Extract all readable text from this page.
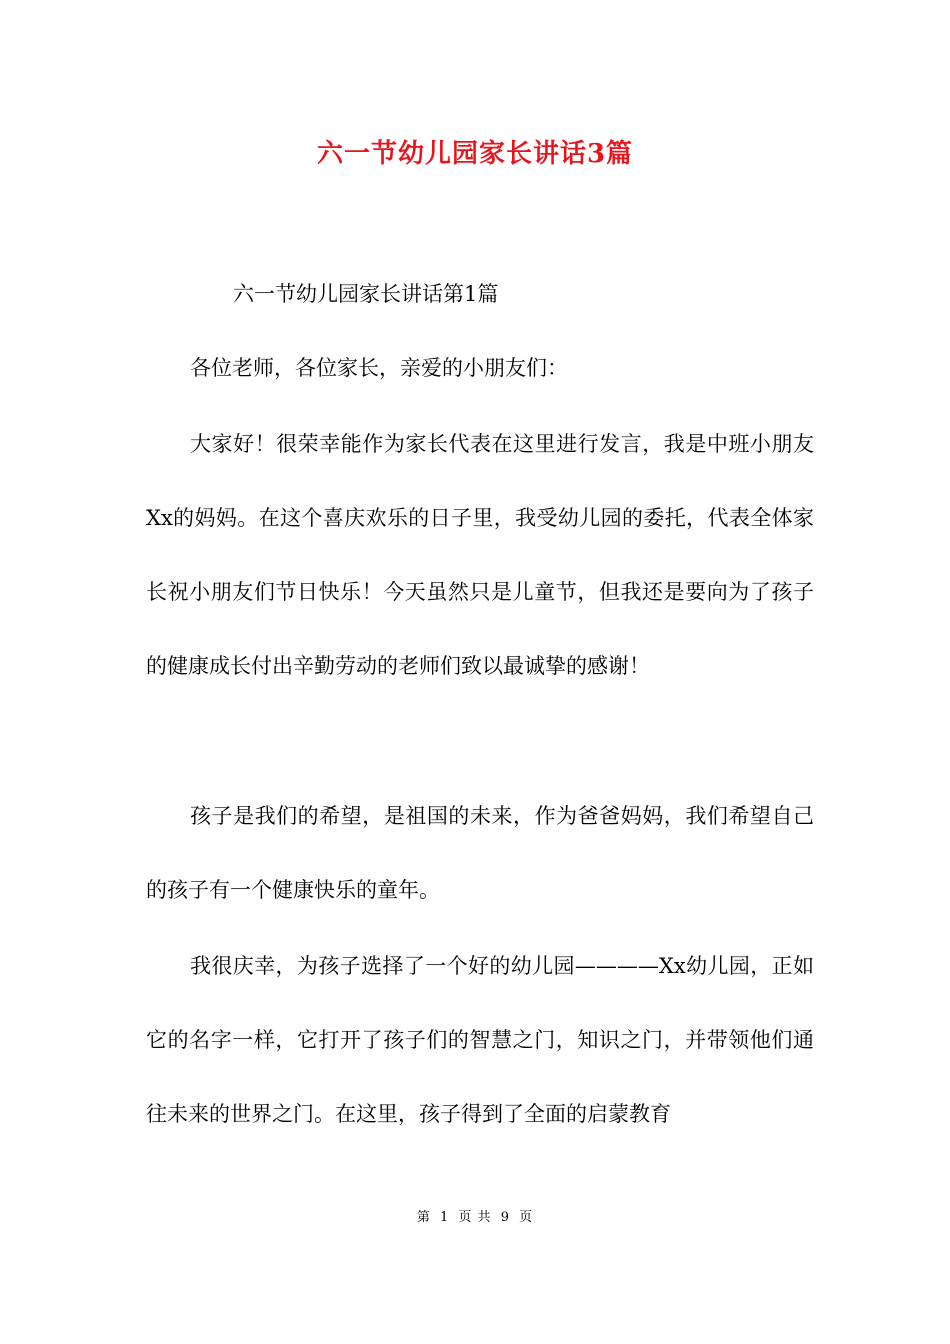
六一节幼儿园家长讲话3篇
六一节幼儿园家长讲话第1篇

各位老师，各位家长，亲爱的小朋友们：

大家好！很荣幸能作为家长代表在这里进行发言，我是中班小朋友Xx的妈妈。在这个喜庆欢乐的日子里，我受幼儿园的委托，代表全体家长祝小朋友们节日快乐！今天虽然只是儿童节，但我还是要向为了孩子的健康成长付出辛勤劳动的老师们致以最诚挚的感谢！

孩子是我们的希望，是祖国的未来，作为爸爸妈妈，我们希望自己的孩子有一个健康快乐的童年。

我很庆幸，为孩子选择了一个好的幼儿园————Xx幼儿园，正如它的名字一样，它打开了孩子们的智慧之门，知识之门，并带领他们通往未来的世界之门。在这里，孩子得到了全面的启蒙教育

第 1 页 共 9 页
